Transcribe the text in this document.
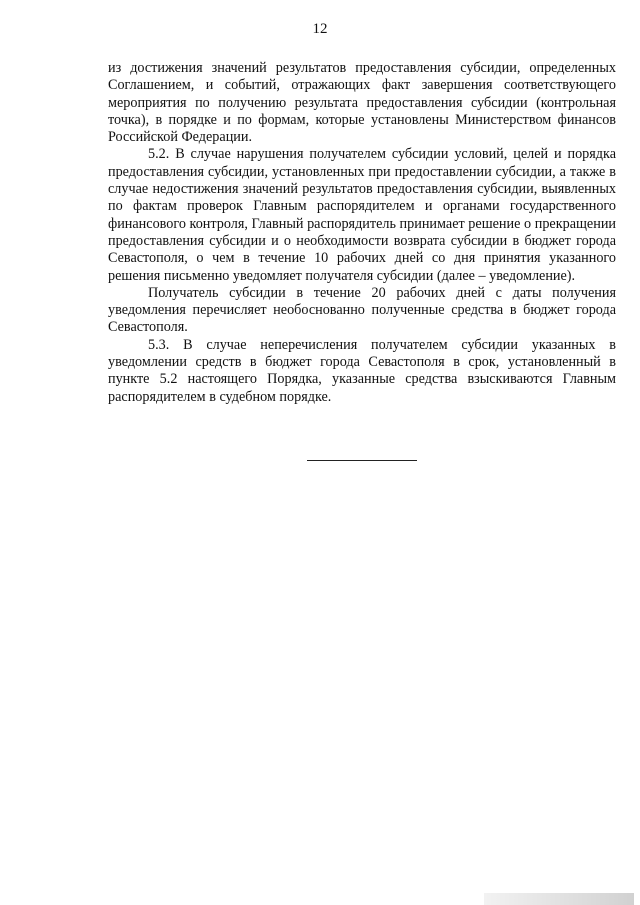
12

из достижения значений результатов предоставления субсидии, определенных Соглашением, и событий, отражающих факт завершения соответствующего мероприятия по получению результата предоставления субсидии (контрольная точка), в порядке и по формам, которые установлены Министерством финансов Российской Федерации.

5.2. В случае нарушения получателем субсидии условий, целей и порядка предоставления субсидии, установленных при предоставлении субсидии, а также в случае недостижения значений результатов предоставления субсидии, выявленных по фактам проверок Главным распорядителем и органами государственного финансового контроля, Главный распорядитель принимает решение о прекращении предоставления субсидии и о необходимости возврата субсидии в бюджет города Севастополя, о чем в течение 10 рабочих дней со дня принятия указанного решения письменно уведомляет получателя субсидии (далее – уведомление).

Получатель субсидии в течение 20 рабочих дней с даты получения уведомления перечисляет необоснованно полученные средства в бюджет города Севастополя.

5.3. В случае неперечисления получателем субсидии указанных в уведомлении средств в бюджет города Севастополя в срок, установленный в пункте 5.2 настоящего Порядка, указанные средства взыскиваются Главным распорядителем в судебном порядке.
